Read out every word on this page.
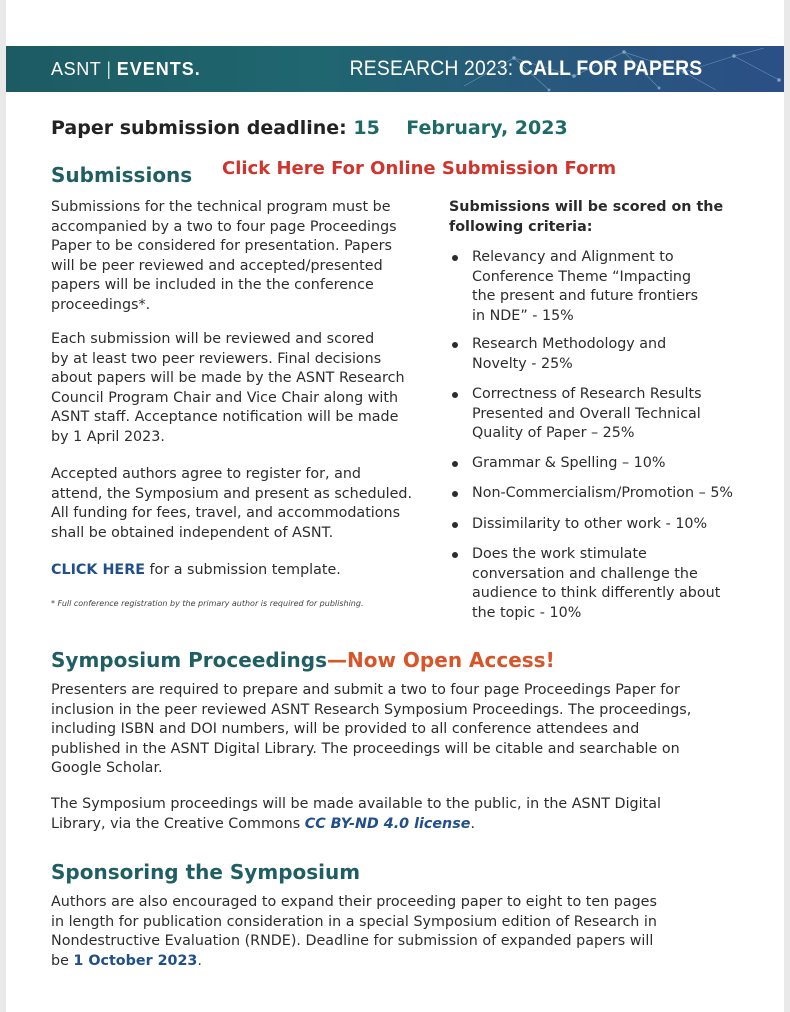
ASNT | EVENTS.	RESEARCH 2023: CALL FOR PAPERS
Paper submission deadline: 15 February, 2023
Submissions Click Here For Online Submission Form
Submissions for the technical program must be
accompanied by a two to four page Proceedings
Paper to be considered for presentation. Papers
will be peer reviewed and accepted/presented
papers will be included in the the conference
proceedings*.
Each submission will be reviewed and scored
by at least two peer reviewers. Final decisions
about papers will be made by the ASNT Research
Council Program Chair and Vice Chair along with
ASNT staff. Acceptance notification will be made
by 1 April 2023.
Accepted authors agree to register for, and
attend, the Symposium and present as scheduled.
All funding for fees, travel, and accommodations
shall be obtained independent of ASNT.
CLICK HERE for a submission template.
* Full conference registration by the primary author is required for publishing.
Submissions will be scored on the
following criteria:
Relevancy and Alignment to
Conference Theme “Impacting
the present and future frontiers
in NDE” - 15%
Research Methodology and
Novelty - 25%
Correctness of Research Results
Presented and Overall Technical
Quality of Paper – 25%
Grammar & Spelling – 10%
Non-Commercialism/Promotion – 5%
Dissimilarity to other work - 10%
Does the work stimulate
conversation and challenge the
audience to think differently about
the topic - 10%
Symposium Proceedings—Now Open Access!
Presenters are required to prepare and submit a two to four page Proceedings Paper for
inclusion in the peer reviewed ASNT Research Symposium Proceedings. The proceedings,
including ISBN and DOI numbers, will be provided to all conference attendees and
published in the ASNT Digital Library. The proceedings will be citable and searchable on
Google Scholar.
The Symposium proceedings will be made available to the public, in the ASNT Digital
Library, via the Creative Commons CC BY-ND 4.0 license.
Sponsoring the Symposium
Authors are also encouraged to expand their proceeding paper to eight to ten pages
in length for publication consideration in a special Symposium edition of Research in
Nondestructive Evaluation (RNDE). Deadline for submission of expanded papers will
be 1 October 2023.
